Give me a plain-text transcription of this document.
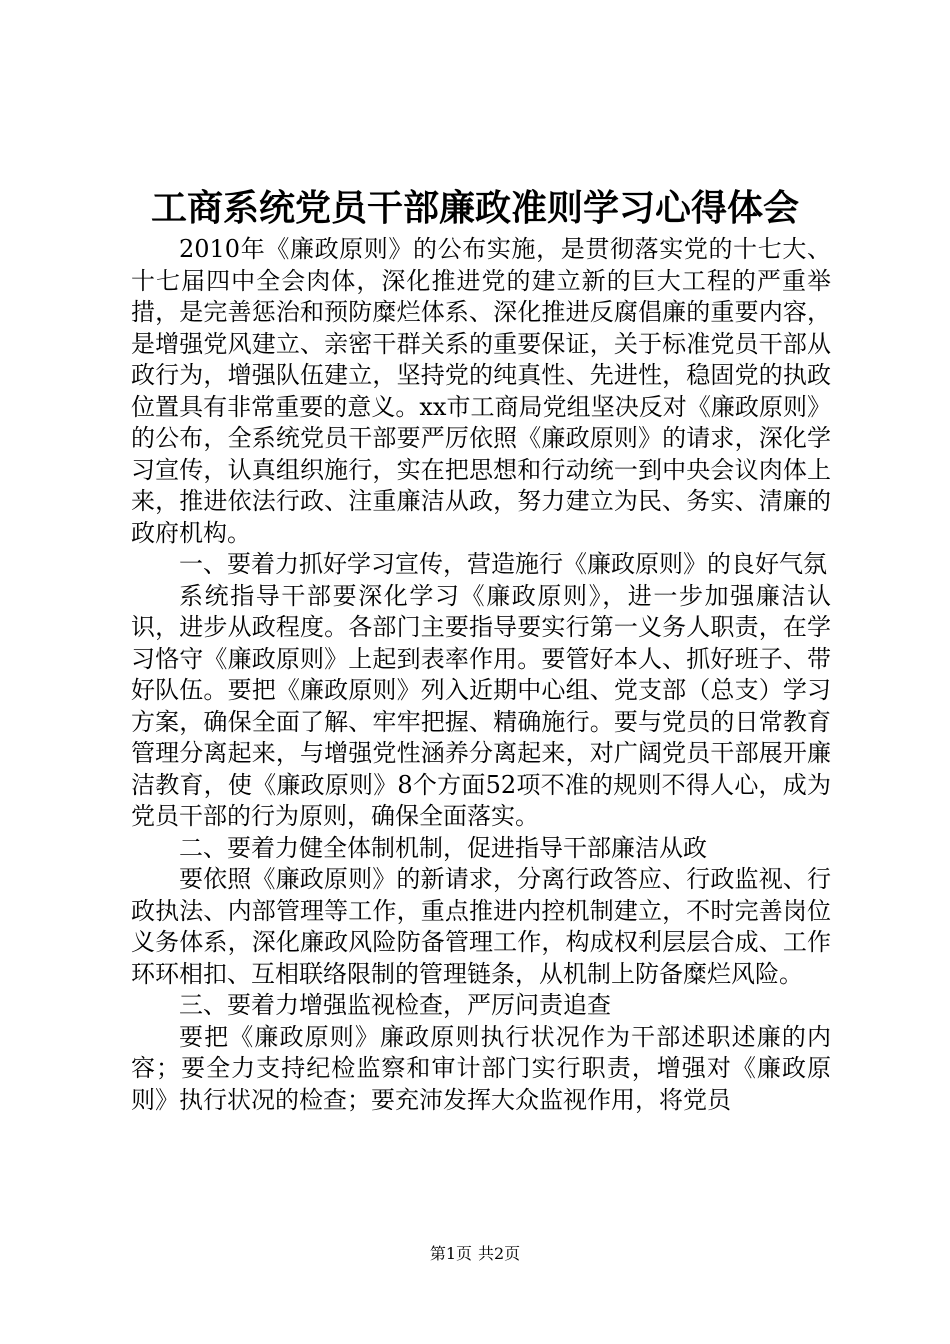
工商系统党员干部廉政准则学习心得体会

2010年《廉政原则》的公布实施，是贯彻落实党的十七大、十七届四中全会肉体，深化推进党的建立新的巨大工程的严重举措，是完善惩治和预防糜烂体系、深化推进反腐倡廉的重要内容，是增强党风建立、亲密干群关系的重要保证，关于标准党员干部从政行为，增强队伍建立，坚持党的纯真性、先进性，稳固党的执政位置具有非常重要的意义。xx市工商局党组坚决反对《廉政原则》的公布，全系统党员干部要严厉依照《廉政原则》的请求，深化学习宣传，认真组织施行，实在把思想和行动统一到中央会议肉体上来，推进依法行政、注重廉洁从政，努力建立为民、务实、清廉的政府机构。

一、要着力抓好学习宣传，营造施行《廉政原则》的良好气氛

系统指导干部要深化学习《廉政原则》，进一步加强廉洁认识，进步从政程度。各部门主要指导要实行第一义务人职责，在学习恪守《廉政原则》上起到表率作用。要管好本人、抓好班子、带好队伍。要把《廉政原则》列入近期中心组、党支部（总支）学习方案，确保全面了解、牢牢把握、精确施行。要与党员的日常教育管理分离起来，与增强党性涵养分离起来，对广阔党员干部展开廉洁教育，使《廉政原则》8个方面52项不准的规则不得人心，成为党员干部的行为原则，确保全面落实。

二、要着力健全体制机制，促进指导干部廉洁从政

要依照《廉政原则》的新请求，分离行政答应、行政监视、行政执法、内部管理等工作，重点推进内控机制建立，不时完善岗位义务体系，深化廉政风险防备管理工作，构成权利层层合成、工作环环相扣、互相联络限制的管理链条，从机制上防备糜烂风险。

三、要着力增强监视检查，严厉问责追查

要把《廉政原则》廉政原则执行状况作为干部述职述廉的内容；要全力支持纪检监察和审计部门实行职责，增强对《廉政原则》执行状况的检查；要充沛发挥大众监视作用，将党员

第1页 共2页
